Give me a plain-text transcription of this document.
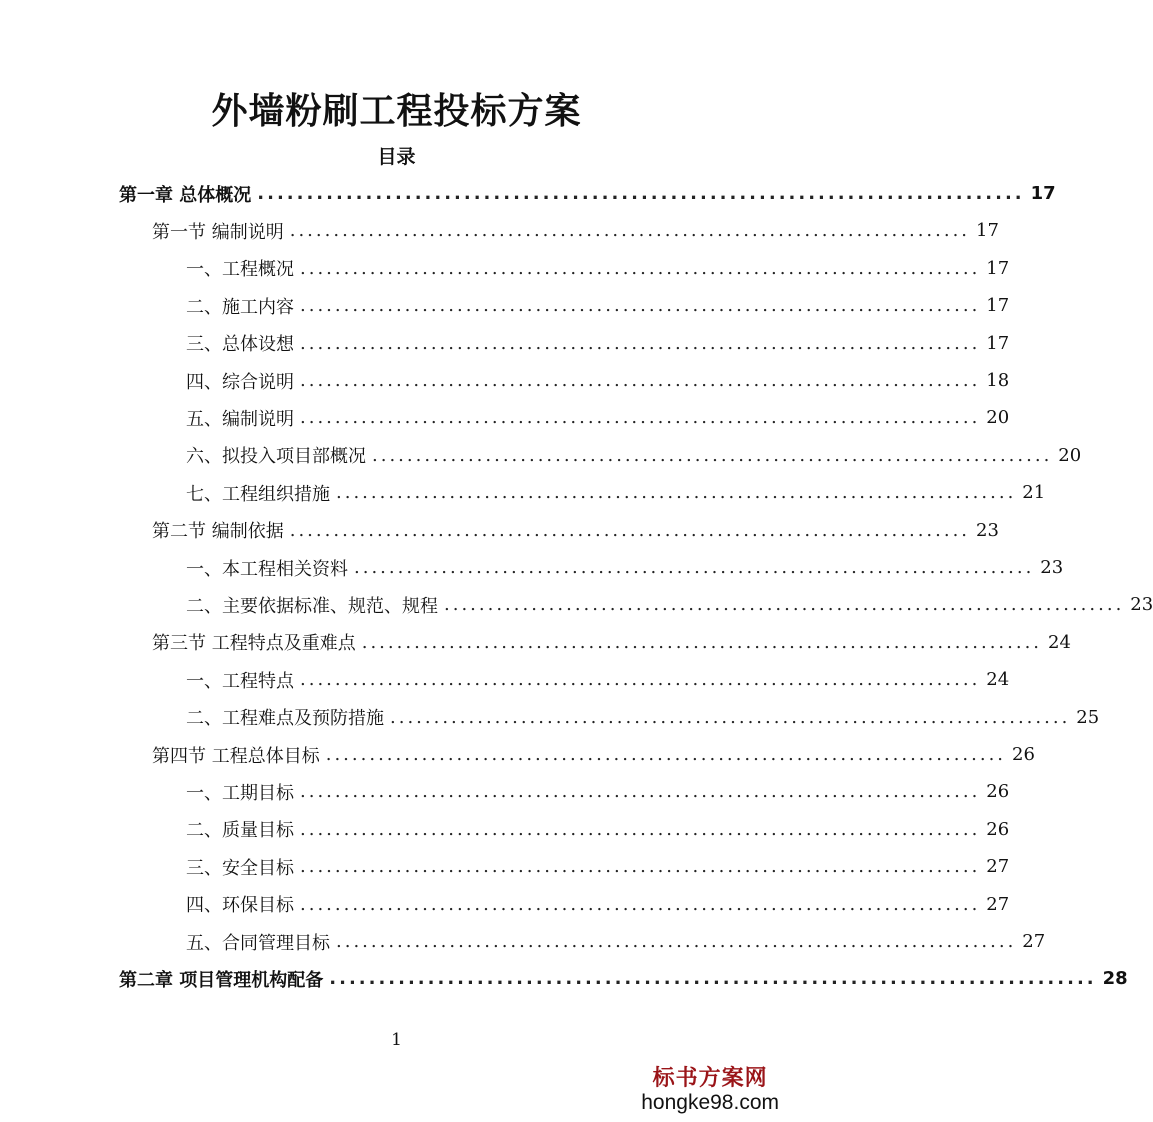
外墙粉刷工程投标方案
目录
第一章 总体概况 .............................................................................. 17
第一节 编制说明 .............................................................................. 17
一、工程概况 .............................................................................. 17
二、施工内容 .............................................................................. 17
三、总体设想 .............................................................................. 17
四、综合说明 .............................................................................. 18
五、编制说明 .............................................................................. 20
六、拟投入项目部概况 .............................................................................. 20
七、工程组织措施 .............................................................................. 21
第二节 编制依据 .............................................................................. 23
一、本工程相关资料 .............................................................................. 23
二、主要依据标准、规范、规程 .............................................................................. 23
第三节 工程特点及重难点 .............................................................................. 24
一、工程特点 .............................................................................. 24
二、工程难点及预防措施 .............................................................................. 25
第四节 工程总体目标 .............................................................................. 26
一、工期目标 .............................................................................. 26
二、质量目标 .............................................................................. 26
三、安全目标 .............................................................................. 27
四、环保目标 .............................................................................. 27
五、合同管理目标 .............................................................................. 27
第二章 项目管理机构配备 .............................................................................. 28
1
标书方案网
hongke98.com
